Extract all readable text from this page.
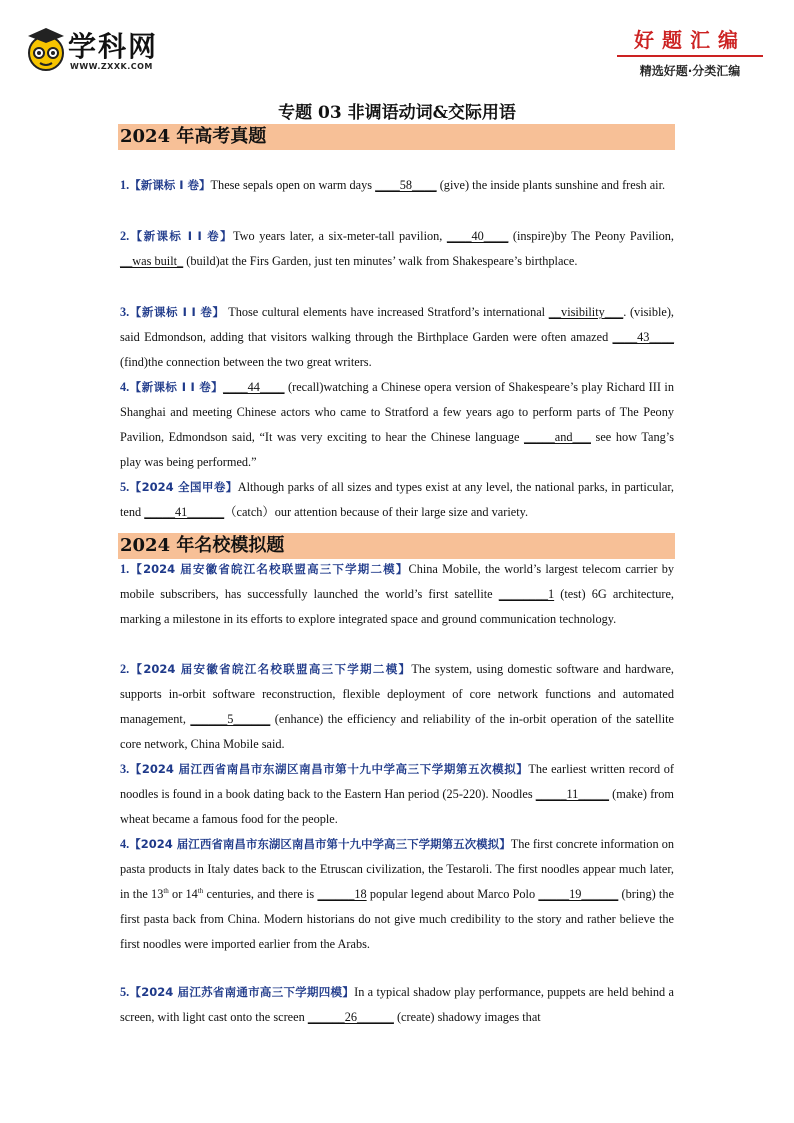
学科网
WWW.ZXXK.COM
好题汇编
精选好题·分类汇编
专题 03 非调语动词&交际用语
2024 年高考真题
1.【新课标 I 卷】These sepals open on warm days ____58____ (give) the inside plants sunshine and fresh air.
2.【新课标 I I 卷】Two years later, a six-meter-tall pavilion, ____40____ (inspire)by The Peony Pavilion, __was built_ (build)at the Firs Garden, just ten minutes’ walk from Shakespeare’s birthplace.
3.【新课标 I I 卷】 Those cultural elements have increased Stratford’s international __visibility___. (visible), said Edmondson, adding that visitors walking through the Birthplace Garden were often amazed ____43____ (find)the connection between the two great writers.
4.【新课标 I I 卷】____44____ (recall)watching a Chinese opera version of Shakespeare’s play Richard III in Shanghai and meeting Chinese actors who came to Stratford a few years ago to perform parts of The Peony Pavilion, Edmondson said, “It was very exciting to hear the Chinese language _____and___ see how Tang’s play was being performed.”
5.【2024 全国甲卷】Although parks of all sizes and types exist at any level, the national parks, in particular, tend _____41______（catch）our attention because of their large size and variety.
2024 年名校模拟题
1.【2024 届安徽省皖江名校联盟高三下学期二模】China Mobile, the world’s largest telecom carrier by mobile subscribers, has successfully launched the world’s first satellite ________1 (test) 6G architecture, marking a milestone in its efforts to explore integrated space and ground communication technology.
2.【2024 届安徽省皖江名校联盟高三下学期二模】The system, using domestic software and hardware, supports in-orbit software reconstruction, flexible deployment of core network functions and automated management, ______5______ (enhance) the efficiency and reliability of the in-orbit operation of the satellite core network, China Mobile said.
3.【2024 届江西省南昌市东湖区南昌市第十九中学高三下学期第五次模拟】The earliest written record of noodles is found in a book dating back to the Eastern Han period (25-220). Noodles _____11_____ (make) from wheat became a famous food for the people.
4.【2024 届江西省南昌市东湖区南昌市第十九中学高三下学期第五次模拟】The first concrete information on pasta products in Italy dates back to the Etruscan civilization, the Testaroli. The first noodles appear much later, in the 13th or 14th centuries, and there is ______18 popular legend about Marco Polo _____19______ (bring) the first pasta back from China. Modern historians do not give much credibility to the story and rather believe the first noodles were imported earlier from the Arabs.
5.【2024 届江苏省南通市高三下学期四模】In a typical shadow play performance, puppets are held behind a screen, with light cast onto the screen ______26______ (create) shadowy images that
